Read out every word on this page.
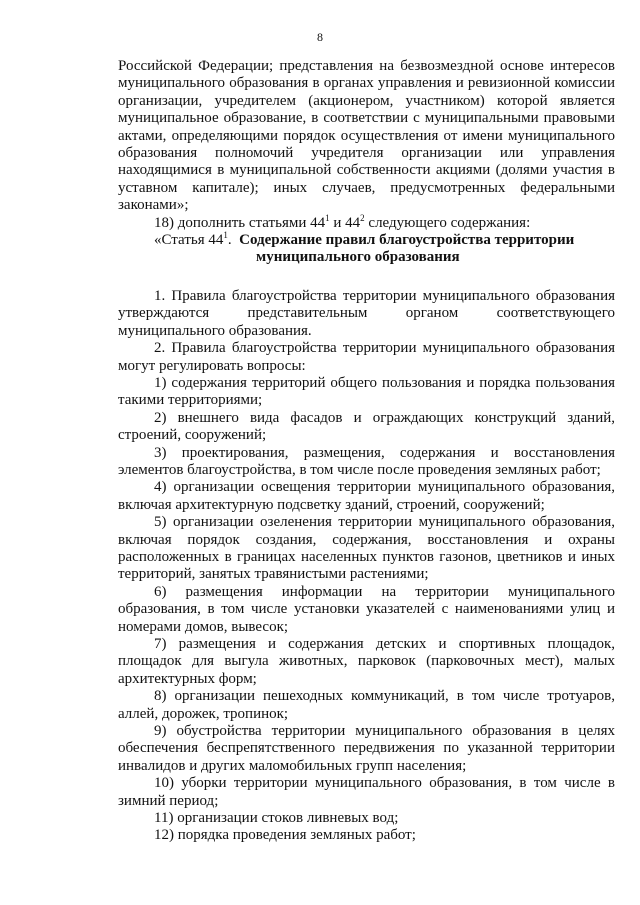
8
Российской Федерации; представления на безвозмездной основе интересов
муниципального образования в органах управления и ревизионной комиссии
организации, учредителем (акционером, участником) которой является
муниципальное образование, в соответствии с муниципальными правовыми
актами, определяющими порядок осуществления от имени муниципального
образования полномочий учредителя организации или управления
находящимися в муниципальной собственности акциями (долями участия в
уставном капитале); иных случаев, предусмотренных федеральными
законами»;
18) дополнить статьями $44^1$ и $44^2$ следующего содержания:
«Статья $44^1$. Содержание правил благоустройства территории
муниципального образования
1. Правила благоустройства территории муниципального образования
утверждаются представительным органом соответствующего
муниципального образования.
2. Правила благоустройства территории муниципального образования
могут регулировать вопросы:
1) содержания территорий общего пользования и порядка пользования
такими территориями;
2) внешнего вида фасадов и ограждающих конструкций зданий,
строений, сооружений;
3) проектирования, размещения, содержания и восстановления
элементов благоустройства, в том числе после проведения земляных работ;
4) организации освещения территории муниципального образования,
включая архитектурную подсветку зданий, строений, сооружений;
5) организации озеленения территории муниципального образования,
включая порядок создания, содержания, восстановления и охраны
расположенных в границах населенных пунктов газонов, цветников и иных
территорий, занятых травянистыми растениями;
6) размещения информации на территории муниципального
образования, в том числе установки указателей с наименованиями улиц и
номерами домов, вывесок;
7) размещения и содержания детских и спортивных площадок,
площадок для выгула животных, парковок (парковочных мест), малых
архитектурных форм;
8) организации пешеходных коммуникаций, в том числе тротуаров,
аллей, дорожек, тропинок;
9) обустройства территории муниципального образования в целях
обеспечения беспрепятственного передвижения по указанной территории
инвалидов и других маломобильных групп населения;
10) уборки территории муниципального образования, в том числе в
зимний период;
11) организации стоков ливневых вод;
12) порядка проведения земляных работ;
